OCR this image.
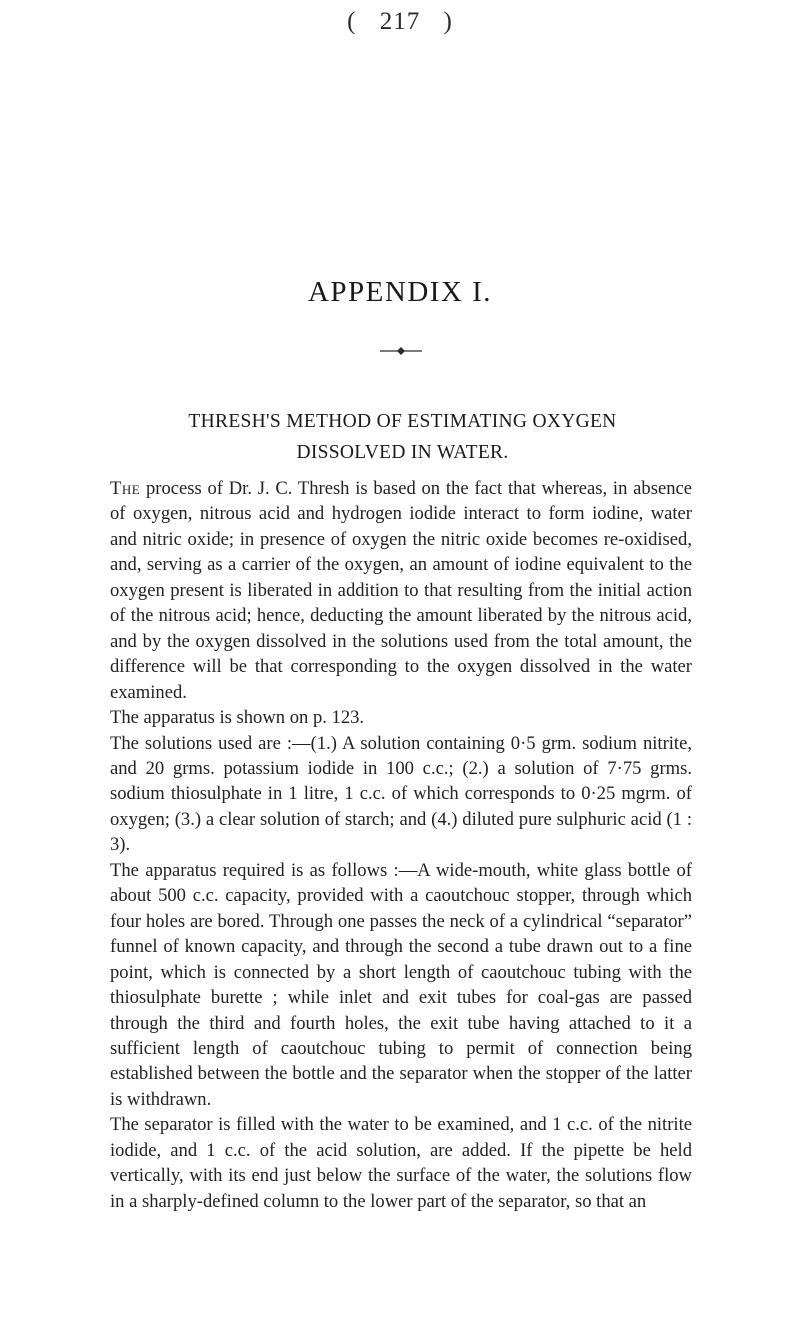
( 217 )
APPENDIX I.
THRESH'S METHOD OF ESTIMATING OXYGEN
DISSOLVED IN WATER.

The process of Dr. J. C. Thresh is based on the fact that whereas, in absence of oxygen, nitrous acid and hydrogen iodide interact to form iodine, water and nitric oxide; in presence of oxygen the nitric oxide becomes re-oxidised, and, serving as a carrier of the oxygen, an amount of iodine equivalent to the oxygen present is liberated in addition to that resulting from the initial action of the nitrous acid; hence, deducting the amount liberated by the nitrous acid, and by the oxygen dissolved in the solutions used from the total amount, the difference will be that corresponding to the oxygen dissolved in the water examined.

The apparatus is shown on p. 123.

The solutions used are :—(1.) A solution containing 0·5 grm. sodium nitrite, and 20 grms. potassium iodide in 100 c.c.; (2.) a solution of 7·75 grms. sodium thiosulphate in 1 litre, 1 c.c. of which corresponds to 0·25 mgrm. of oxygen; (3.) a clear solution of starch; and (4.) diluted pure sulphuric acid (1 : 3).

The apparatus required is as follows :—A wide-mouth, white glass bottle of about 500 c.c. capacity, provided with a caoutchouc stopper, through which four holes are bored. Through one passes the neck of a cylindrical “separator” funnel of known capacity, and through the second a tube drawn out to a fine point, which is connected by a short length of caoutchouc tubing with the thiosulphate burette ; while inlet and exit tubes for coal-gas are passed through the third and fourth holes, the exit tube having attached to it a sufficient length of caoutchouc tubing to permit of connection being established between the bottle and the separator when the stopper of the latter is withdrawn.

The separator is filled with the water to be examined, and 1 c.c. of the nitrite iodide, and 1 c.c. of the acid solution, are added. If the pipette be held vertically, with its end just below the surface of the water, the solutions flow in a sharply-defined column to the lower part of the separator, so that an
